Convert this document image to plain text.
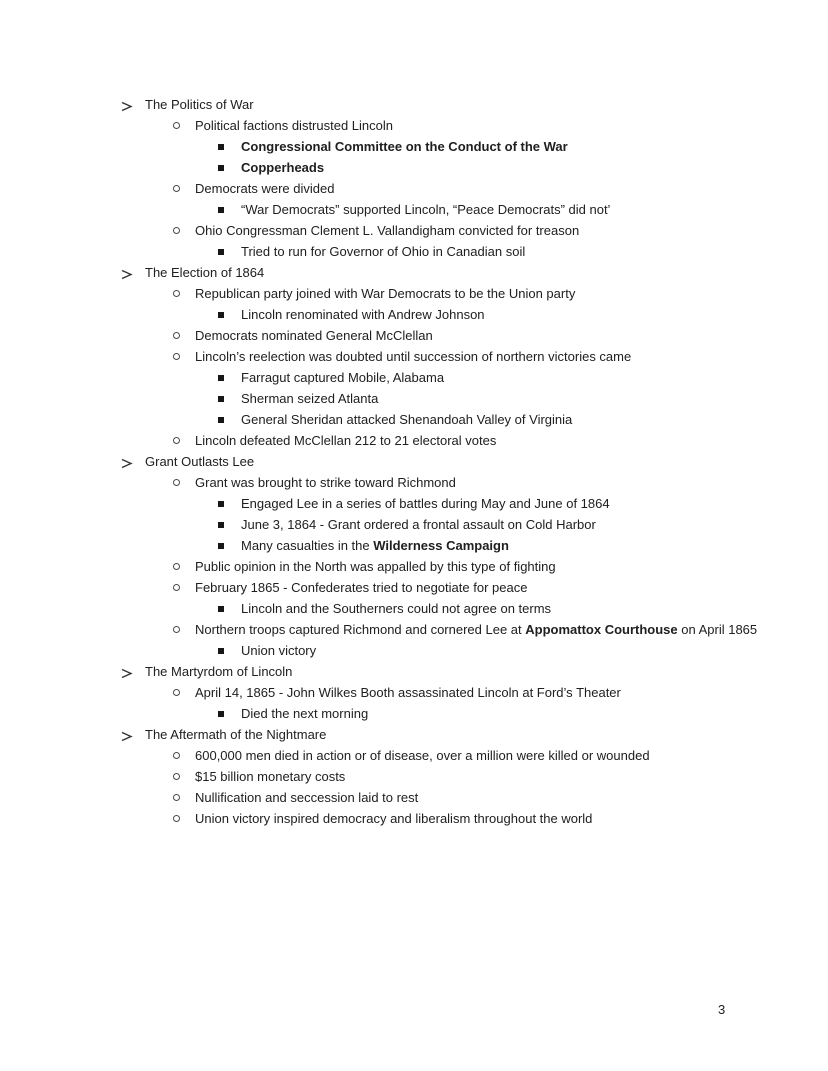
The Politics of War
Political factions distrusted Lincoln
Congressional Committee on the Conduct of the War
Copperheads
Democrats were divided
“War Democrats” supported Lincoln, “Peace Democrats” did not’
Ohio Congressman Clement L. Vallandigham convicted for treason
Tried to run for Governor of Ohio in Canadian soil
The Election of 1864
Republican party joined with War Democrats to be the Union party
Lincoln renominated with Andrew Johnson
Democrats nominated General McClellan
Lincoln’s reelection was doubted until succession of northern victories came
Farragut captured Mobile, Alabama
Sherman seized Atlanta
General Sheridan attacked Shenandoah Valley of Virginia
Lincoln defeated McClellan 212 to 21 electoral votes
Grant Outlasts Lee
Grant was brought to strike toward Richmond
Engaged Lee in a series of battles during May and June of 1864
June 3, 1864 - Grant ordered a frontal assault on Cold Harbor
Many casualties in the Wilderness Campaign
Public opinion in the North was appalled by this type of fighting
February 1865 - Confederates tried to negotiate for peace
Lincoln and the Southerners could not agree on terms
Northern troops captured Richmond and cornered Lee at Appomattox Courthouse on April 1865
Union victory
The Martyrdom of Lincoln
April 14, 1865 - John Wilkes Booth assassinated Lincoln at Ford’s Theater
Died the next morning
The Aftermath of the Nightmare
600,000 men died in action or of disease, over a million were killed or wounded
$15 billion monetary costs
Nullification and seccession laid to rest
Union victory inspired democracy and liberalism throughout the world
3
